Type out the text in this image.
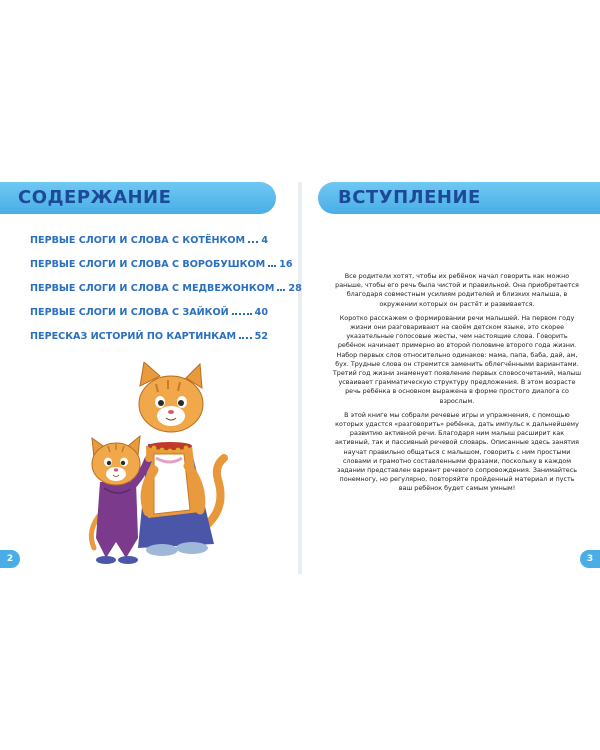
СОДЕРЖАНИЕ
ПЕРВЫЕ СЛОГИ И СЛОВА С КОТЁНКОМ 4
ПЕРВЫЕ СЛОГИ И СЛОВА С ВОРОБУШКОМ 16
ПЕРВЫЕ СЛОГИ И СЛОВА С МЕДВЕЖОНКОМ 28
ПЕРВЫЕ СЛОГИ И СЛОВА С ЗАЙКОЙ	40
ПЕРЕСКАЗ ИСТОРИЙ ПО КАРТИНКАМ 52
2
ВСТУПЛЕНИЕ

Все родители хотят, чтобы их ребёнок начал говорить как можно раньше, чтобы его речь была чистой и правильной. Она приобретается благодаря совместным усилиям родителей и близких малыша, в окружении которых он растёт и развивается.

Коротко расскажем о формировании речи малышей. На первом году жизни они разговаривают на своём детском языке, это скорее указательные голосовые жесты, чем настоящие слова. Говорить ребёнок начинает примерно во второй половине второго года жизни. Набор первых слов относительно одинаков: мама, папа, баба, дай, ам, бух. Трудные слова он стремится заменить облегчёнными вариантами. Третий год жизни знаменует появление первых словосочетаний, малыш усваивает грамматическую структуру предложения. В этом возрасте речь ребёнка в основном выражена в форме простого диалога со взрослым.

В этой книге мы собрали речевые игры и упражнения, с помощью которых удастся «разговорить» ребёнка, дать импульс к дальнейшему развитию активной речи. Благодаря ним малыш расширит как активный, так и пассивный речевой словарь. Описанные здесь занятия научат правильно общаться с малышом, говорить с ним простыми словами и грамотно составленными фразами, поскольку в каждом задании представлен вариант речевого сопровождения. Занимайтесь понемногу, но регулярно, повторяйте пройденный материал и пусть ваш ребёнок будет самым умным!

3
